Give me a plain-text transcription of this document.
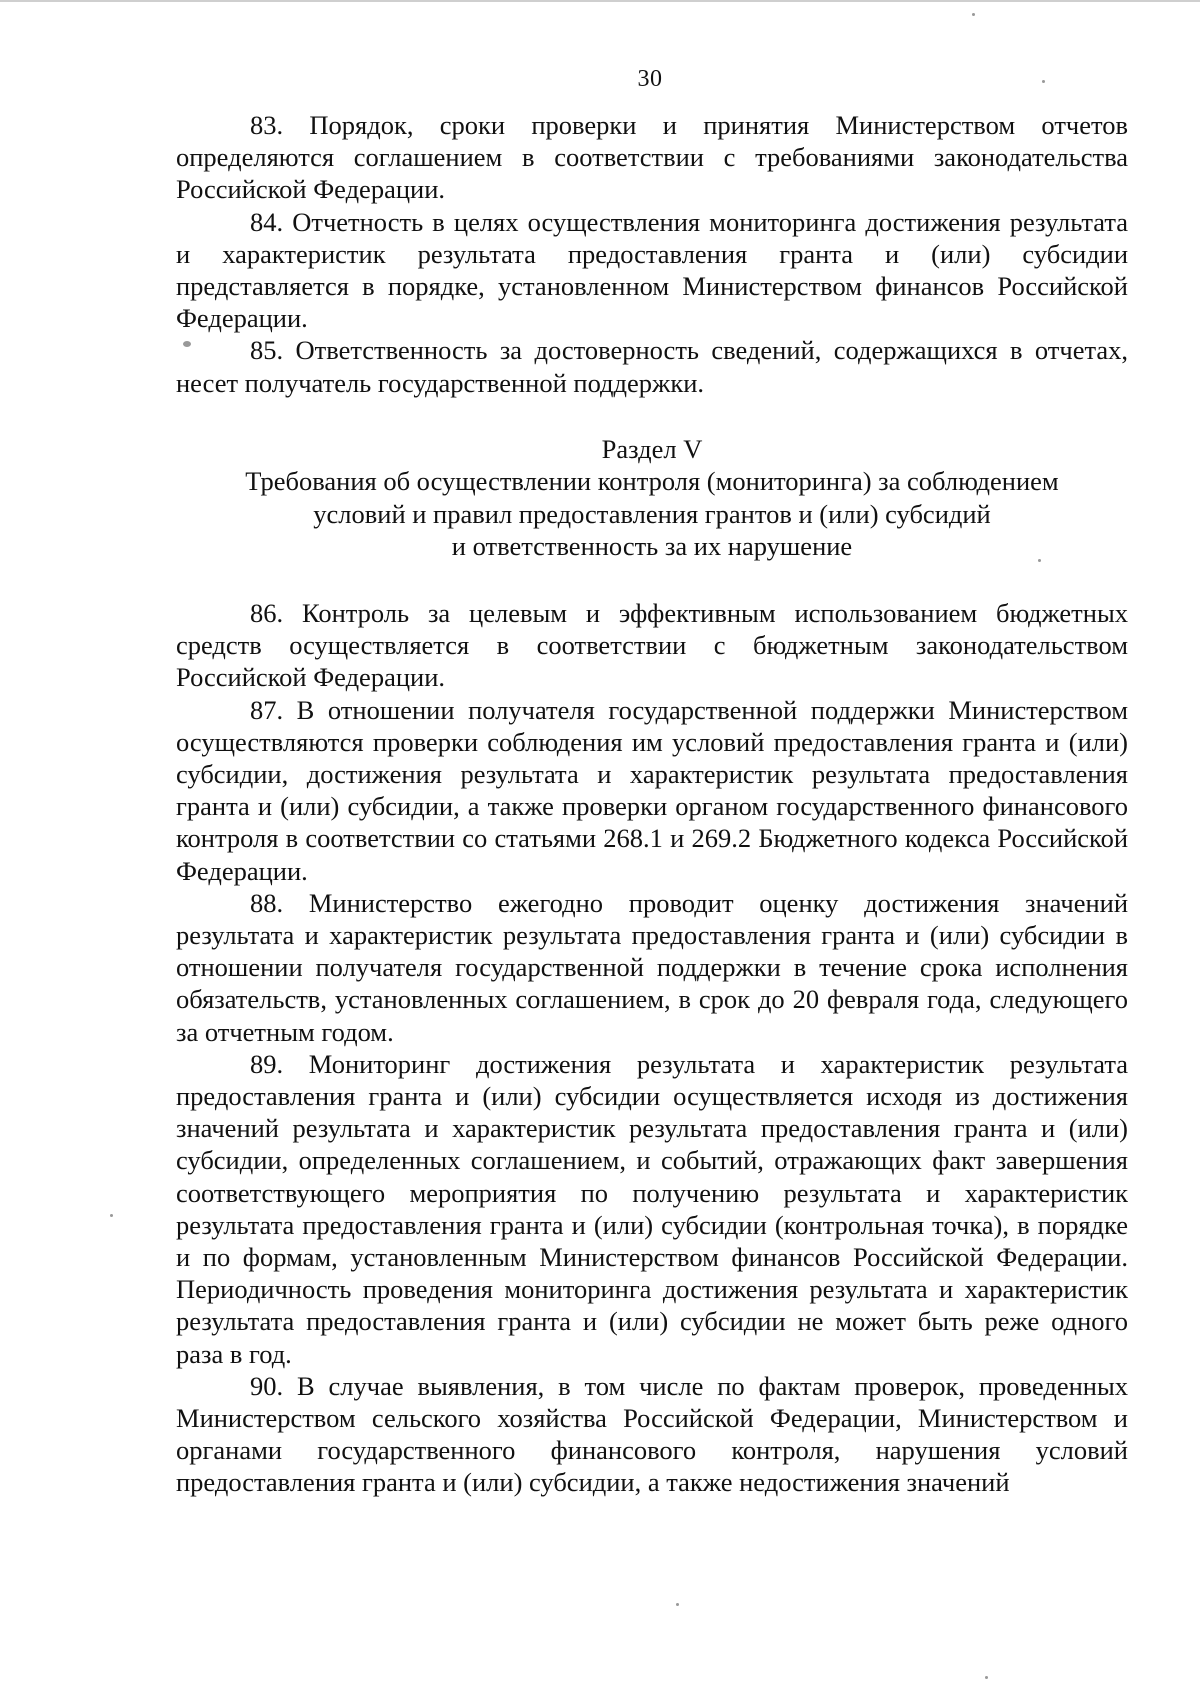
30

83. Порядок, сроки проверки и принятия Министерством отчетов определяются соглашением в соответствии с требованиями законодательства Российской Федерации.

84. Отчетность в целях осуществления мониторинга достижения результата и характеристик результата предоставления гранта и (или) субсидии представляется в порядке, установленном Министерством финансов Российской Федерации.

85. Ответственность за достоверность сведений, содержащихся в отчетах, несет получатель государственной поддержки.

Раздел V
Требования об осуществлении контроля (мониторинга) за соблюдением
условий и правил предоставления грантов и (или) субсидий
и ответственность за их нарушение

86. Контроль за целевым и эффективным использованием бюджетных средств осуществляется в соответствии с бюджетным законодательством Российской Федерации.

87. В отношении получателя государственной поддержки Министерством осуществляются проверки соблюдения им условий предоставления гранта и (или) субсидии, достижения результата и характеристик результата предоставления гранта и (или) субсидии, а также проверки органом государственного финансового контроля в соответствии со статьями 268.1 и 269.2 Бюджетного кодекса Российской Федерации.

88. Министерство ежегодно проводит оценку достижения значений результата и характеристик результата предоставления гранта и (или) субсидии в отношении получателя государственной поддержки в течение срока исполнения обязательств, установленных соглашением, в срок до 20 февраля года, следующего за отчетным годом.

89. Мониторинг достижения результата и характеристик результата предоставления гранта и (или) субсидии осуществляется исходя из достижения значений результата и характеристик результата предоставления гранта и (или) субсидии, определенных соглашением, и событий, отражающих факт завершения соответствующего мероприятия по получению результата и характеристик результата предоставления гранта и (или) субсидии (контрольная точка), в порядке и по формам, установленным Министерством финансов Российской Федерации. Периодичность проведения мониторинга достижения результата и характеристик результата предоставления гранта и (или) субсидии не может быть реже одного раза в год.

90. В случае выявления, в том числе по фактам проверок, проведенных Министерством сельского хозяйства Российской Федерации, Министерством и органами государственного финансового контроля, нарушения условий предоставления гранта и (или) субсидии, а также недостижения значений
